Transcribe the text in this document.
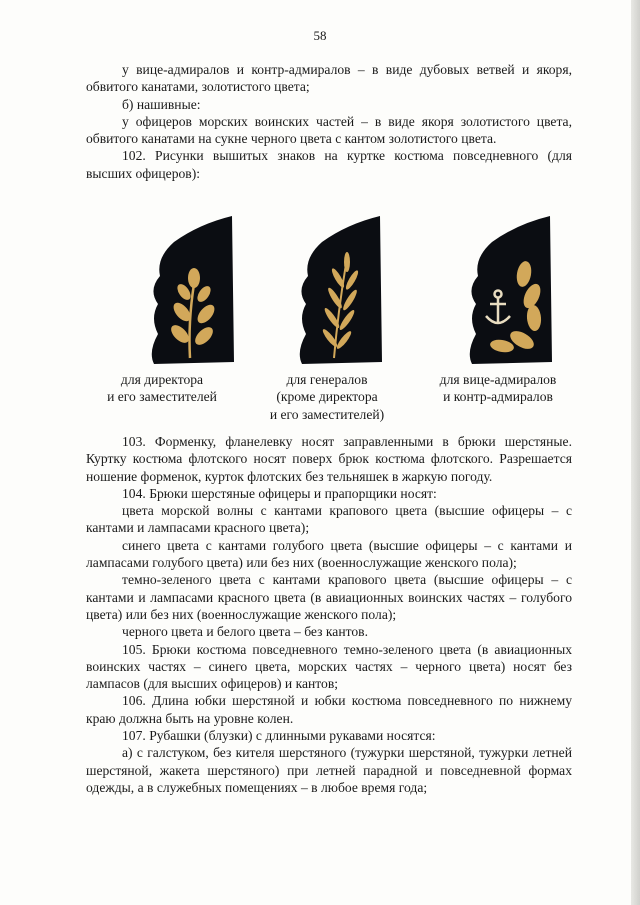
58

у вице-адмиралов и контр-адмиралов – в виде дубовых ветвей и якоря, обвитого канатами, золотистого цвета;

б) нашивные:

у офицеров морских воинских частей – в виде якоря золотистого цвета, обвитого канатами на сукне черного цвета с кантом золотистого цвета.

102. Рисунки вышитых знаков на куртке костюма повседневного (для высших офицеров):

для директора
и его заместителей
для генералов
(кроме директора
и его заместителей)
для вице-адмиралов
и контр-адмиралов

103. Форменку, фланелевку носят заправленными в брюки шерстяные. Куртку костюма флотского носят поверх брюк костюма флотского. Разрешается ношение форменок, курток флотских без тельняшек в жаркую погоду.

104. Брюки шерстяные офицеры и прапорщики носят:

цвета морской волны с кантами крапового цвета (высшие офицеры – с кантами и лампасами красного цвета);

синего цвета с кантами голубого цвета (высшие офицеры – с кантами и лампасами голубого цвета) или без них (военнослужащие женского пола);

темно-зеленого цвета с кантами крапового цвета (высшие офицеры – с кантами и лампасами красного цвета (в авиационных воинских частях – голубого цвета) или без них (военнослужащие женского пола);

черного цвета и белого цвета – без кантов.

105. Брюки костюма повседневного темно-зеленого цвета (в авиационных воинских частях – синего цвета, морских частях – черного цвета) носят без лампасов (для высших офицеров) и кантов;

106. Длина юбки шерстяной и юбки костюма повседневного по нижнему краю должна быть на уровне колен.

107. Рубашки (блузки) с длинными рукавами носятся:

а) с галстуком, без кителя шерстяного (тужурки шерстяной, тужурки летней шерстяной, жакета шерстяного) при летней парадной и повседневной формах одежды, а в служебных помещениях – в любое время года;
